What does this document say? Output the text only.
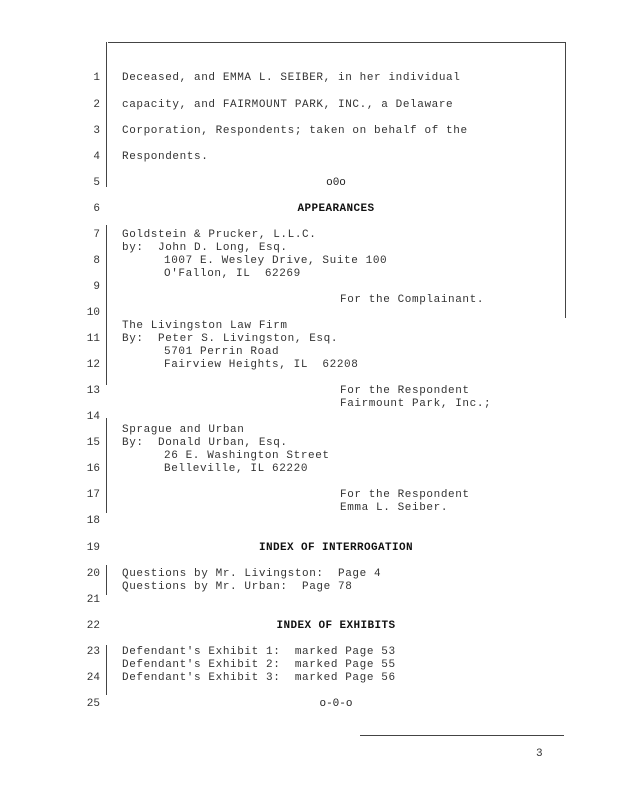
1
2
3
4
5
6
7
8
9
10
11
12
13
14
15
16
17
18
19
20
21
22
23
24
25
Deceased, and EMMA L. SEIBER, in her individual
capacity, and FAIRMOUNT PARK, INC., a Delaware
Corporation, Respondents; taken on behalf of the
Respondents.
o0o
APPEARANCES
Goldstein & Prucker, L.L.C.
by:  John D. Long, Esq.
1007 E. Wesley Drive, Suite 100
O'Fallon, IL  62269
For the Complainant.
The Livingston Law Firm
By:  Peter S. Livingston, Esq.
5701 Perrin Road
Fairview Heights, IL  62208
For the Respondent
Fairmount Park, Inc.;
Sprague and Urban
By:  Donald Urban, Esq.
26 E. Washington Street
Belleville, IL 62220
For the Respondent
Emma L. Seiber.
INDEX OF INTERROGATION
Questions by Mr. Livingston:  Page 4
Questions by Mr. Urban:  Page 78
INDEX OF EXHIBITS
Defendant's Exhibit 1:  marked Page 53
Defendant's Exhibit 2:  marked Page 55
Defendant's Exhibit 3:  marked Page 56
o-0-o
3
